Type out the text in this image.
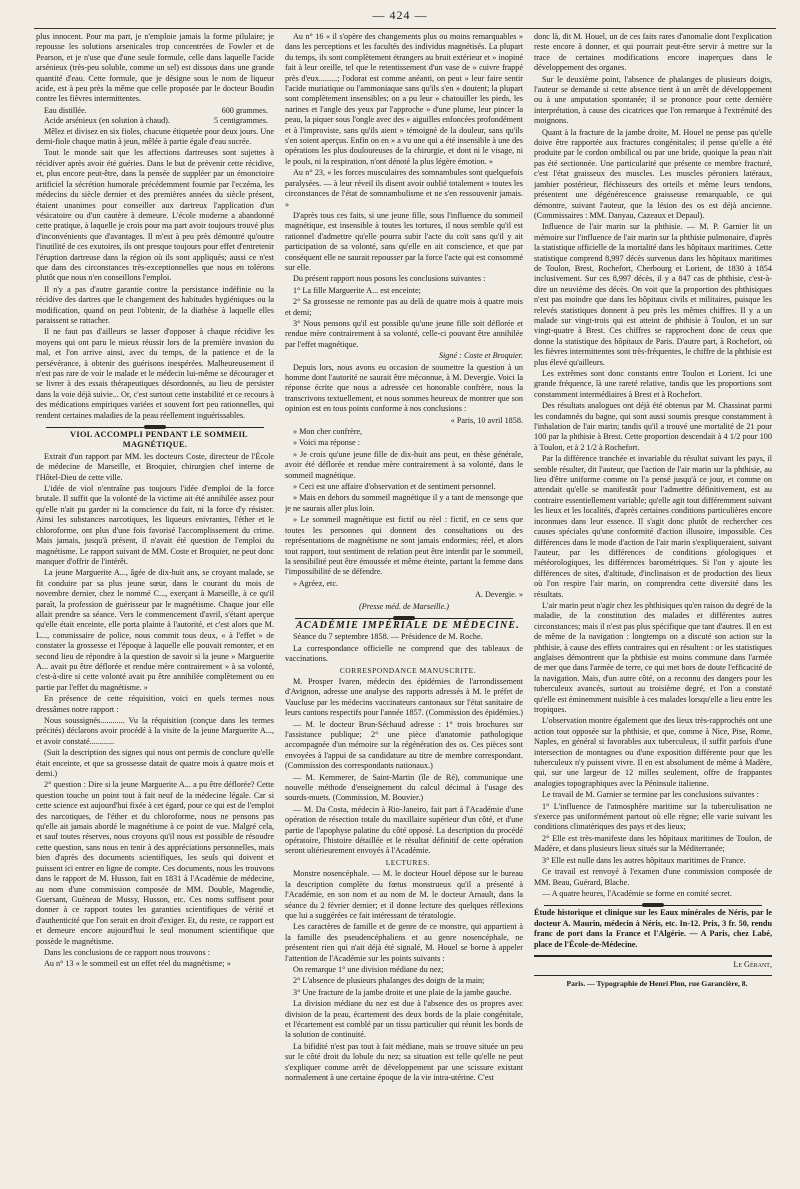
— 424 —

plus innocent. Pour ma part, je n'emploie jamais la forme pilulaire; je repousse les solutions arsenicales trop concentrées de Fowler et de Pearson, et je n'use que d'une seule formule, celle dans laquelle l'acide arsénieux (très-peu soluble, comme un sel) est dissous dans une grande quantité d'eau. Cette formule, que je désigne sous le nom de liqueur acide, est à peu près la même que celle proposée par le docteur Boudin contre les fièvres intermittentes.

Eau distillée.	600 grammes.
Acide arsénieux (en solution à chaud).	5 centigrammes.

Mêlez et divisez en six fioles, chacune étiquetée pour deux jours. Une demi-fiole chaque matin à jeun, mêlée à partie égale d'eau sucrée.

Tout le monde sait que les affections dartreuses sont sujettes à récidiver après avoir été guéries. Dans le but de prévenir cette récidive, et, plus encore peut-être, dans la pensée de suppléer par un émonctoire artificiel la sécrétion humorale précédemment fournie par l'eczéma, les médecins du siècle dernier et des premières années du siècle présent, étaient unanimes pour conseiller aux dartreux l'application d'un vésicatoire ou d'un cautère à demeure. L'école moderne a abandonné cette pratique, à laquelle je crois pour ma part avoir toujours trouvé plus d'inconvénients que d'avantages. Il m'est à peu près démontré qu'outre l'inutilité de ces exutoires, ils ont presque toujours pour effet d'entretenir l'éruption dartreuse dans la région où ils sont appliqués; aussi ce n'est que dans des circonstances très-exceptionnelles que nous en tolérons plutôt que nous n'en conseillons l'emploi.

Il n'y a pas d'autre garantie contre la persistance indéfinie ou la récidive des dartres que le changement des habitudes hygiéniques ou la modification, quand on peut l'obtenir, de la diathèse à laquelle elles paraissent se rattacher.

Il ne faut pas d'ailleurs se lasser d'opposer à chaque récidive les moyens qui ont paru le mieux réussir lors de la première invasion du mal, et l'on arrive ainsi, avec du temps, de la patience et de la persévérance, à obtenir des guérisons inespérées. Malheureusement il n'est pas rare de voir le malade et le médecin lui-même se décourager et se livrer à des essais thérapeutiques désordonnés, au lieu de persister dans la voie déjà suivie... Or, c'est surtout cette instabilité et ce recours à des médications empiriques variées et souvent fort peu rationnelles, qui rendent certaines maladies de la peau réellement inguérissables.

VIOL ACCOMPLI PENDANT LE SOMMEIL MAGNÉTIQUE.

Extrait d'un rapport par MM. les docteurs Coste, directeur de l'École de médecine de Marseille, et Broquier, chirurgien chef interne de l'Hôtel-Dieu de cette ville.

L'idée de viol n'entraîne pas toujours l'idée d'emploi de la force brutale. Il suffit que la volonté de la victime ait été annihilée assez pour qu'elle n'ait pu garder ni la conscience du fait, ni la force d'y résister. Ainsi les substances narcotiques, les liqueurs enivrantes, l'éther et le chloroforme, ont plus d'une fois favorisé l'accomplissement du crime. Mais jamais, jusqu'à présent, il n'avait été question de l'emploi du magnétisme. Le rapport suivant de MM. Coste et Broquier, ne peut donc manquer d'offrir de l'intérêt.

La jeune Marguerite A..., âgée de dix-huit ans, se croyant malade, se fit conduire par sa plus jeune sœur, dans le courant du mois de novembre dernier, chez le nommé C..., exerçant à Marseille, à ce qu'il paraît, la profession de guérisseur par le magnétisme. Chaque jour elle allait prendre sa séance. Vers le commencement d'avril, s'étant aperçue qu'elle était enceinte, elle porta plainte à l'autorité, et c'est alors que M. L..., commissaire de police, nous commit tous deux, « à l'effet » de constater la grossesse et l'époque à laquelle elle pouvait remonter, et en second lieu de répondre à la question de savoir si la jeune » Marguerite A... avait pu être déflorée et rendue mère contrairement » à sa volonté, c'est-à-dire si cette volonté avait pu être annihilée complètement ou en partie par l'effet du magnétisme. »

En présence de cette réquisition, voici en quels termes nous dressâmes notre rapport :

Nous soussignés............ Vu la réquisition (conçue dans les termes précités) déclarons avoir procédé à la visite de la jeune Marguerite A..., et avoir constaté............

(Suit la description des signes qui nous ont permis de conclure qu'elle était enceinte, et que sa grossesse datait de quatre mois à quatre mois et demi.)

2° question : Dire si la jeune Marguerite A... a pu être déflorée? Cette question touche un point tout à fait neuf de la médecine légale. Car si cette science est aujourd'hui fixée à cet égard, pour ce qui est de l'emploi des narcotiques, de l'éther et du chloroforme, nous ne pensons pas qu'elle ait jamais abordé le magnétisme à ce point de vue. Malgré cela, et sauf toutes réserves, nous croyons qu'il nous est possible de résoudre cette question, sans nous en tenir à des appréciations personnelles, mais bien d'après des documents scientifiques, les seuls qui doivent et puissent ici entrer en ligne de compte. Ces documents, nous les trouvons dans le rapport de M. Husson, fait en 1831 à l'Académie de médecine, au nom d'une commission composée de MM. Double, Magendie, Guersant, Guéneau de Mussy, Husson, etc. Ces noms suffisent pour donner à ce rapport toutes les garanties scientifiques de vérité et d'authenticité que l'on serait en droit d'exiger. Et, du reste, ce rapport est et demeure encore aujourd'hui le seul monument scientifique que possède le magnétisme.

Dans les conclusions de ce rapport nous trouvons :

Au n° 13 « le sommeil est un effet réel du magnétisme; »

Au n° 16 « il s'opère des changements plus ou moins remarquables » dans les perceptions et les facultés des individus magnétisés. La plupart du temps, ils sont complètement étrangers au bruit extérieur et » inopiné fait à leur oreille, tel que le retentissement d'un vase de » cuivre frappé près d'eux.........; l'odorat est comme anéanti, on peut » leur faire sentir l'acide muriatique ou l'ammoniaque sans qu'ils s'en » doutent; la plupart sont complètement insensibles; on a pu leur » chatouiller les pieds, les narines et l'angle des yeux par l'approche » d'une plume, leur pincer la peau, la piquer sous l'ongle avec des » aiguilles enfoncées profondément et à l'improviste, sans qu'ils aient » témoigné de la douleur, sans qu'ils s'en soient aperçus. Enfin on en » a vu une qui a été insensible à une des opérations les plus douloureuses de la chirurgie, et dont ni le visage, ni le pouls, ni la respiration, n'ont dénoté la plus légère émotion. »

Au n° 23, « les forces musculaires des somnambules sont quelquefois paralysées. — à leur réveil ils disent avoir oublié totalement » toutes les circonstances de l'état de somnambulisme et ne s'en ressouvenir jamais. »

D'après tous ces faits, si une jeune fille, sous l'influence du sommeil magnétique, est insensible à toutes les tortures, il nous semble qu'il est rationnel d'admettre qu'elle pourra subir l'acte du coït sans qu'il y ait participation de sa volonté, sans qu'elle en ait conscience, et que par conséquent elle ne saurait repousser par la force l'acte qui est consommé sur elle.

Du présent rapport nous posons les conclusions suivantes :

1° La fille Marguerite A... est enceinte;

2° Sa grossesse ne remonte pas au delà de quatre mois à quatre mois et demi;

3° Nous pensons qu'il est possible qu'une jeune fille soit déflorée et rendue mère contrairement à sa volonté, celle-ci pouvant être annihilée par l'effet magnétique.

Signé : Coste et Broquier.

Depuis lors, nous avons eu occasion de soumettre la question à un homme dont l'autorité ne saurait être méconnue, à M. Devergie. Voici la réponse écrite que nous a adressée cet honorable confrère, nous la transcrivons textuellement, et nous sommes heureux de montrer que son opinion est en tous points conforme à nos conclusions :

« Paris, 10 avril 1858.

» Mon cher confrère,

» Voici ma réponse :

» Je crois qu'une jeune fille de dix-huit ans peut, en thèse générale, avoir été déflorée et rendue mère contrairement à sa volonté, dans le sommeil magnétique.

» Ceci est une affaire d'observation et de sentiment personnel.

» Mais en dehors du sommeil magnétique il y a tant de mensonge que je ne saurais aller plus loin.

» Le sommeil magnétique est fictif ou réel : fictif, en ce sens que toutes les personnes qui donnent des consultations ou des représentations de magnétisme ne sont jamais endormies; réel, et alors tout rapport, tout sentiment de relation peut être interdit par le sommeil, la sensibilité peut être émoussée et même éteinte, partant la femme dans l'impossibilité de se défendre.

» Agréez, etc.

A. Devergie. »

(Presse méd. de Marseille.)

ACADÉMIE IMPÉRIALE DE MÉDECINE.

Séance du 7 septembre 1858. — Présidence de M. Roche.

La correspondance officielle ne comprend que des tableaux de vaccinations.

CORRESPONDANCE MANUSCRITE.

M. Prosper Ivaren, médecin des épidémies de l'arrondissement d'Avignon, adresse une analyse des rapports adressés à M. le préfet de Vaucluse par les médecins vaccinateurs cantonaux sur l'état sanitaire de leurs cantons respectifs pour l'année 1857. (Commission des épidémies.)

— M. le docteur Brun-Séchaud adresse : 1° trois brochures sur l'assistance publique; 2° une pièce d'anatomie pathologique accompagnée d'un mémoire sur la régénération des os. Ces pièces sont envoyées à l'appui de sa candidature au titre de membre correspondant. (Commission des correspondants nationaux.)

— M. Kemmerer, de Saint-Martin (île de Ré), communique une nouvelle méthode d'enseignement du calcul décimal à l'usage des sourds-muets. (Commission, M. Bouvier.)

— M. Da Costa, médecin à Rio-Janeiro, fait part à l'Académie d'une opération de résection totale du maxillaire supérieur d'un côté, et d'une partie de l'apophyse palatine du côté opposé. La description du procédé opératoire, l'histoire détaillée et le résultat définitif de cette opération seront ultérieurement envoyés à l'Académie.

LECTURES.

Monstre nosencéphale. — M. le docteur Houel dépose sur le bureau la description complète du fœtus monstrueux qu'il a présenté à l'Académie, en son nom et au nom de M. le docteur Arnault, dans la séance du 2 février dernier; et il donne lecture des quelques réflexions que lui a suggérées ce fait intéressant de tératologie.

Les caractères de famille et de genre de ce monstre, qui appartient à la famille des pseudencéphaliens et au genre nosencéphale, ne présentent rien qui n'ait déjà été signalé, M. Houel se borne à appeler l'attention de l'Académie sur les points suivants :

On remarque 1° une division médiane du nez;

2° L'absence de plusieurs phalanges des doigts de la main;

3° Une fracture de la jambe droite et une plaie de la jambe gauche.

La division médiane du nez est due à l'absence des os propres avec division de la peau, écartement des deux bords de la plaie congénitale, et l'écartement est comblé par un tissu particulier qui réunit les bords de la solution de continuité.

La bifidité n'est pas tout à fait médiane, mais se trouve située un peu sur le côté droit du lobule du nez; sa situation est telle qu'elle ne peut s'expliquer comme arrêt de développement par une scissure existant normalement à une certaine époque de la vie intra-utérine. C'est

donc là, dit M. Houel, un de ces faits rares d'anomalie dont l'explication reste encore à donner, et qui pourrait peut-être servir à mettre sur la trace de certaines modifications encore inaperçues dans le développement des organes.

Sur le deuxième point, l'absence de phalanges de plusieurs doigts, l'auteur se demande si cette absence tient à un arrêt de développement ou à une amputation spontanée; il se prononce pour cette dernière interprétation, à cause des cicatrices que l'on remarque à l'extrémité des moignons.

Quant à la fracture de la jambe droite, M. Houel ne pense pas qu'elle doive être rapportée aux fractures congénitales; il pense qu'elle a été produite par le cordon ombilical ou par une bride, quoique la peau n'ait pas été sectionnée. Une particularité que présente ce membre fracturé, c'est l'état graisseux des muscles. Les muscles péroniers latéraux, jambier postérieur, fléchisseurs des orteils et même leurs tendons, présentent une dégénérescence graisseuse remarquable, ce qui démontre, suivant l'auteur, que la lésion des os est déjà ancienne. (Commissaires : MM. Danyau, Cazeaux et Depaul).

Influence de l'air marin sur la phthisie. — M. P. Garnier lit un mémoire sur l'influence de l'air marin sur la phthisie pulmonaire, d'après la statistique officielle de la mortalité dans les hôpitaux maritimes. Cette statistique comprend 8,997 décès survenus dans les hôpitaux maritimes de Toulon, Brest, Rochefort, Cherbourg et Lorient, de 1830 à 1854 inclusivement. Sur ces 8,997 décès, il y a 847 cas de phthisie, c'est-à-dire un neuvième des décès. On voit que la proportion des phthisiques n'est pas moindre que dans les hôpitaux civils et militaires, puisque les relevés statistiques donnent à peu près les mêmes chiffres. Il y a un malade sur vingt-trois qui est atteint de phthisie à Toulon, et un sur vingt-quatre à Brest. Ces chiffres se rapprochent donc de ceux que donne la statistique des hôpitaux de Paris. D'autre part, à Rochefort, où les fièvres intermittentes sont très-fréquentes, le chiffre de la phthisie est plus élevé qu'ailleurs.

Les extrêmes sont donc constants entre Toulon et Lorient. Ici une grande fréquence, là une rareté relative, tandis que les proportions sont constamment intermédiaires à Brest et à Rochefort.

Des résultats analogues ont déjà été obtenus par M. Chassinat parmi les condamnés du bagne, qui sont aussi soumis presque constamment à l'inhalation de l'air marin; tandis qu'il a trouvé une mortalité de 21 pour 100 par la phthisie à Brest. Cette proportion descendait à 4 1/2 pour 100 à Toulon, et à 2 1/2 à Rochefort.

Par la différence tranchée et invariable du résultat suivant les pays, il semble résulter, dit l'auteur, que l'action de l'air marin sur la phthisie, au lieu d'être uniforme comme on l'a pensé jusqu'à ce jour, et comme on attendait qu'elle se manifestât pour l'admettre définitivement, est au contraire essentiellement variable; qu'elle agit tout différemment suivant les lieux et les localités, d'après certaines conditions particulières encore inconnues dans leur essence. Il s'agit donc plutôt de rechercher ces causes spéciales qu'une conformité d'action illusoire, impossible. Ces différences dans le mode d'action de l'air marin s'expliqueraient, suivant l'auteur, par les différences de conditions géologiques et météorologiques, les différences barométriques. Si l'on y ajoute les différences de sites, d'altitude, d'inclinaison et de production des lieux où l'on respire l'air marin, on comprendra cette diversité dans les résultats.

L'air marin peut n'agir chez les phthisiques qu'en raison du degré de la maladie, de la constitution des malades et différentes autres circonstances; mais il n'est pas plus spécifique que tant d'autres. Il en est de même de la navigation : longtemps on a discuté son action sur la phthisie, à cause des effets contraires qui en résultent : or les statistiques anglaises démontrent que la phthisie est moins commune dans l'armée de mer que dans l'armée de terre, ce qui met hors de doute l'efficacité de la navigation. Mais, d'un autre côté, on a reconnu des dangers pour les tuberculeux avancés, surtout au troisième degré, et l'on a constaté qu'elle est éminemment nuisible à ces malades lorsqu'elle a lieu entre les tropiques.

L'observation montre également que des lieux très-rapprochés ont une action tout opposée sur la phthisie, et que, comme à Nice, Pise, Rome, Naples, en général si favorables aux tuberculeux, il suffit parfois d'une intersection de montagnes ou d'une exposition différente pour que les tuberculeux n'y puissent vivre. Il en est absolument de même à Madère, qui, sur une largeur de 12 milles seulement, offre de frappantes analogies topographiques avec la Péninsule italienne.

Le travail de M. Garnier se termine par les conclusions suivantes :

1° L'influence de l'atmosphère maritime sur la tuberculisation ne s'exerce pas uniformément partout où elle règne; elle varie suivant les conditions climatériques des pays et des lieux;

2° Elle est très-manifeste dans les hôpitaux maritimes de Toulon, de Madère, et dans plusieurs lieux situés sur la Méditerranée;

3° Elle est nulle dans les autres hôpitaux maritimes de France.

Ce travail est renvoyé à l'examen d'une commission composée de MM. Beau, Guérard, Blache.

— A quatre heures, l'Académie se forme en comité secret.

Étude historique et clinique sur les Eaux minérales de Néris, par le docteur A. Maurin, médecin à Néris, etc. In-12. Prix, 3 fr. 50, rendu franc de port dans la France et l'Algérie. — A Paris, chez Labé, place de l'École-de-Médecine.

Le Gérant,

Paris. — Typographie de Henri Plon, rue Garancière, 8.
